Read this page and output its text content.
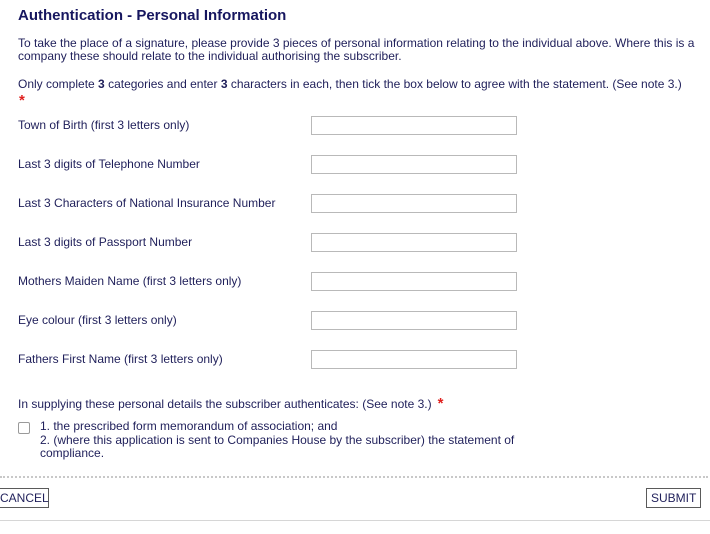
Authentication - Personal Information
To take the place of a signature, please provide 3 pieces of personal information relating to the individual above. Where this is a company these should relate to the individual authorising the subscriber.
Only complete 3 categories and enter 3 characters in each, then tick the box below to agree with the statement. (See note 3.)
*
Town of Birth (first 3 letters only)
Last 3 digits of Telephone Number
Last 3 Characters of National Insurance Number
Last 3 digits of Passport Number
Mothers Maiden Name (first 3 letters only)
Eye colour (first 3 letters only)
Fathers First Name (first 3 letters only)
In supplying these personal details the subscriber authenticates: (See note 3.) *
1. the prescribed form memorandum of association; and
2. (where this application is sent to Companies House by the subscriber) the statement of compliance.
CANCEL	SUBMIT
